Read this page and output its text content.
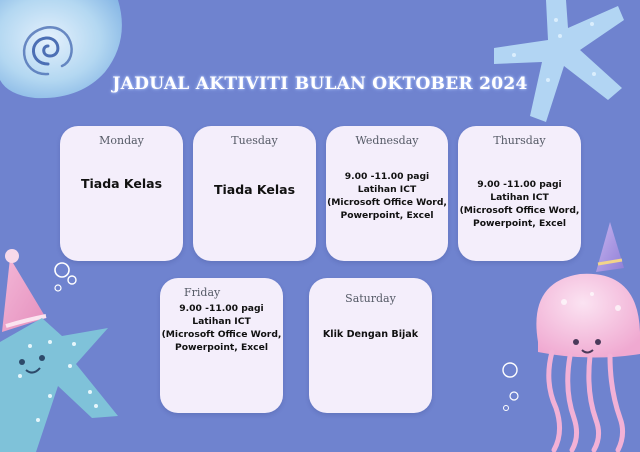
JADUAL AKTIVITI BULAN OKTOBER 2024
Monday
Tiada Kelas
Tuesday
Tiada Kelas
Wednesday
9.00 -11.00 pagi
Latihan ICT
(Microsoft Office Word,
Powerpoint, Excel
Thursday
9.00 -11.00 pagi
Latihan ICT
(Microsoft Office Word,
Powerpoint, Excel
Friday
9.00 -11.00 pagi
Latihan ICT
(Microsoft Office Word,
Powerpoint, Excel
Saturday
Klik Dengan Bijak
